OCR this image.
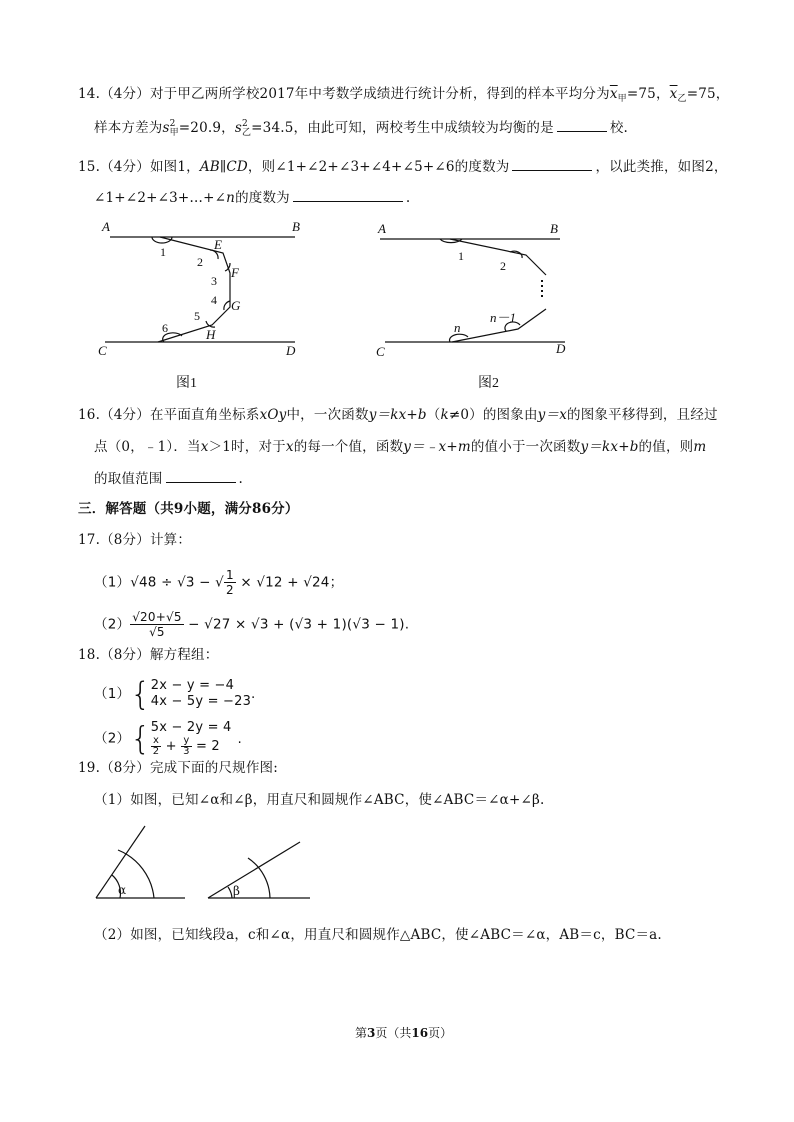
14.（4分）对于甲乙两所学校2017年中考数学成绩进行统计分析，得到的样本平均分为$\overline{x}_甲=75$，$\overline{x}_乙=75$，
样本方差为$s^2_甲=20.9$，$s^2_乙=34.5$，由此可知，两校考生中成绩较为均衡的是	校.
15.（4分）如图1，AB∥CD，则∠1+∠2+∠3+∠4+∠5+∠6的度数为	，以此类推，如图2，
∠1+∠2+∠3+…+∠n的度数为	.
A	B
C	D
E
F
G
H
1
2
3
4
5
6
图1
A	B
C	D
n
n－1
1
2
图2
16.（4分）在平面直角坐标系xOy中，一次函数y＝kx+b（k≠0）的图象由y＝x的图象平移得到，且经过
点（0，﹣1）．当x＞1时，对于x的每一个值，函数y＝﹣x+m的值小于一次函数y＝kx+b的值，则m
的取值范围	.
三．解答题（共9小题，满分86分）
17.（8分）计算：
（1）√48 ÷ √3 − √ $\frac{1}{2} \times √12 + √24$；
$(2) \frac{√20+√5}{√5} - √27 \times √3 + (√3 + 1)(√3 - 1)$.
18.（8分）解方程组：
（1）{ 2x − y = −4
4x − 5y = −23 .
（2）{ 5x − 2y = 4
$\frac{x}{2} + \frac{y}{3} = 2$	.
19.（8分）完成下面的尺规作图:
（1）如图，已知∠α和∠β，用直尺和圆规作∠ABC，使∠ABC＝∠α+∠β.
α	β
（2）如图，已知线段a，c和∠α，用直尺和圆规作△ABC，使∠ABC＝∠α，AB＝c，BC＝a.
第3页（共16页）
